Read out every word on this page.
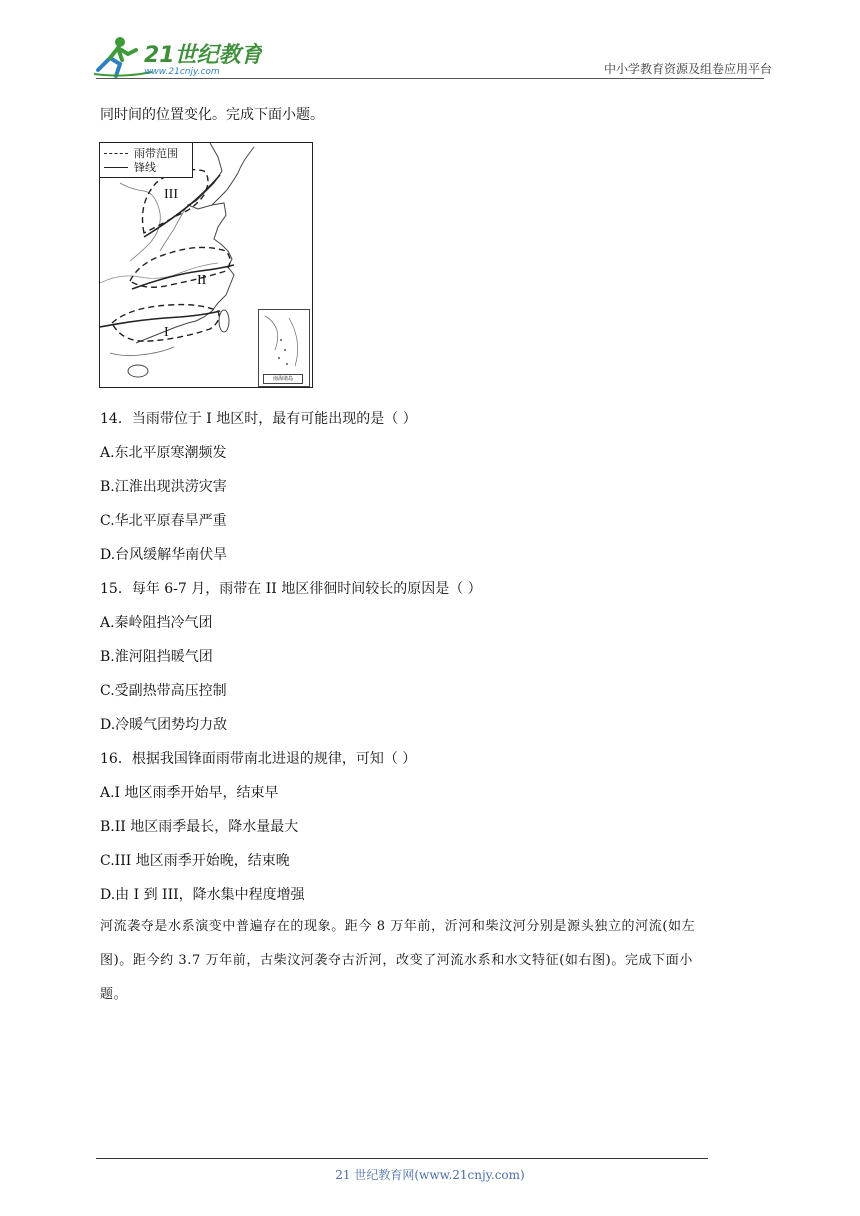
21世纪教育
www.21cnjy.com	中小学教育资源及组卷应用平台
同时间的位置变化。完成下面小题。
雨带范围
锋线
III
II
I
南海诸岛
14．当雨带位于 I 地区时，最有可能出现的是（ ）
A.东北平原寒潮频发
B.江淮出现洪涝灾害
C.华北平原春旱严重
D.台风缓解华南伏旱
15．每年 6-7 月，雨带在 II 地区徘徊时间较长的原因是（ ）
A.秦岭阻挡冷气团
B.淮河阻挡暖气团
C.受副热带高压控制
D.冷暖气团势均力敌
16．根据我国锋面雨带南北进退的规律，可知（ ）
A.I 地区雨季开始早，结束早
B.II 地区雨季最长，降水量最大
C.III 地区雨季开始晚，结束晚
D.由 I 到 III，降水集中程度增强
河流袭夺是水系演变中普遍存在的现象。距今 8 万年前，沂河和柴汶河分别是源头独立的河流(如左
图)。距今约 3.7 万年前，古柴汶河袭夺古沂河，改变了河流水系和水文特征(如右图)。完成下面小
题。
21 世纪教育网(www.21cnjy.com)
